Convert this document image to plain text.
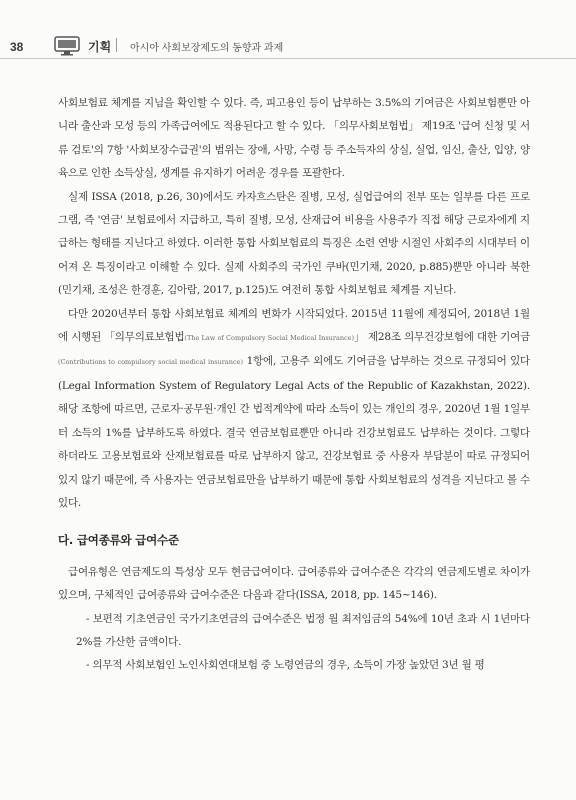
38	기획 아시아 사회보장제도의 동향과 과제

사회보험료 체계를 지님을 확인할 수 있다. 즉, 피고용인 등이 납부하는 3.5%의 기여금은 사회보험뿐만 아니라 출산과 모성 등의 가족급여에도 적용된다고 할 수 있다. 「의무사회보험법」 제19조 '급여 신청 및 서류 검토'의 7항 '사회보장수급권'의 범위는 장애, 사망, 수령 등 주소득자의 상실, 실업, 임신, 출산, 입양, 양육으로 인한 소득상실, 생계를 유지하기 어려운 경우를 포괄한다.

실제 ISSA (2018, p.26, 30)에서도 카자흐스탄은 질병, 모성, 실업급여의 전부 또는 일부를 다른 프로그램, 즉 '연금' 보험료에서 지급하고, 특히 질병, 모성, 산재급여 비용을 사용주가 직접 해당 근로자에게 지급하는 형태를 지닌다고 하였다. 이러한 통합 사회보험료의 특징은 소련 연방 시절인 사회주의 시대부터 이어져 온 특징이라고 이해할 수 있다. 실제 사회주의 국가인 쿠바(민기채, 2020, p.885)뿐만 아니라 북한(민기채, 조성은 한경훈, 김아람, 2017, p.125)도 여전히 통합 사회보험료 체계를 지닌다.

다만 2020년부터 통합 사회보험료 체계의 변화가 시작되었다. 2015년 11월에 제정되어, 2018년 1월에 시행된 「의무의료보험법(The Law of Compulsory Social Medical Insurance)」 제28조 의무건강보험에 대한 기여금(Contributions to compulsory social medical insurance) 1항에, 고용주 외에도 기여금을 납부하는 것으로 규정되어 있다(Legal Information System of Regulatory Legal Acts of the Republic of Kazakhstan, 2022). 해당 조항에 따르면, 근로자·공무원·개인 간 법적계약에 따라 소득이 있는 개인의 경우, 2020년 1월 1일부터 소득의 1%를 납부하도록 하였다. 결국 연금보험료뿐만 아니라 건강보험료도 납부하는 것이다. 그렇다 하더라도 고용보험료와 산재보험료를 따로 납부하지 않고, 건강보험료 중 사용자 부담분이 따로 규정되어 있지 않기 때문에, 즉 사용자는 연금보험료만을 납부하기 때문에 통합 사회보험료의 성격을 지닌다고 볼 수 있다.

다. 급여종류와 급여수준

급여유형은 연금제도의 특성상 모두 현금급여이다. 급여종류와 급여수준은 각각의 연금제도별로 차이가 있으며, 구체적인 급여종류와 급여수준은 다음과 같다(ISSA, 2018, pp. 145~146).

- 보편적 기초연금인 국가기초연금의 급여수준은 법정 월 최저임금의 54%에 10년 초과 시 1년마다 2%를 가산한 금액이다.

- 의무적 사회보험인 노인사회연대보험 중 노령연금의 경우, 소득이 가장 높았던 3년 월 평
